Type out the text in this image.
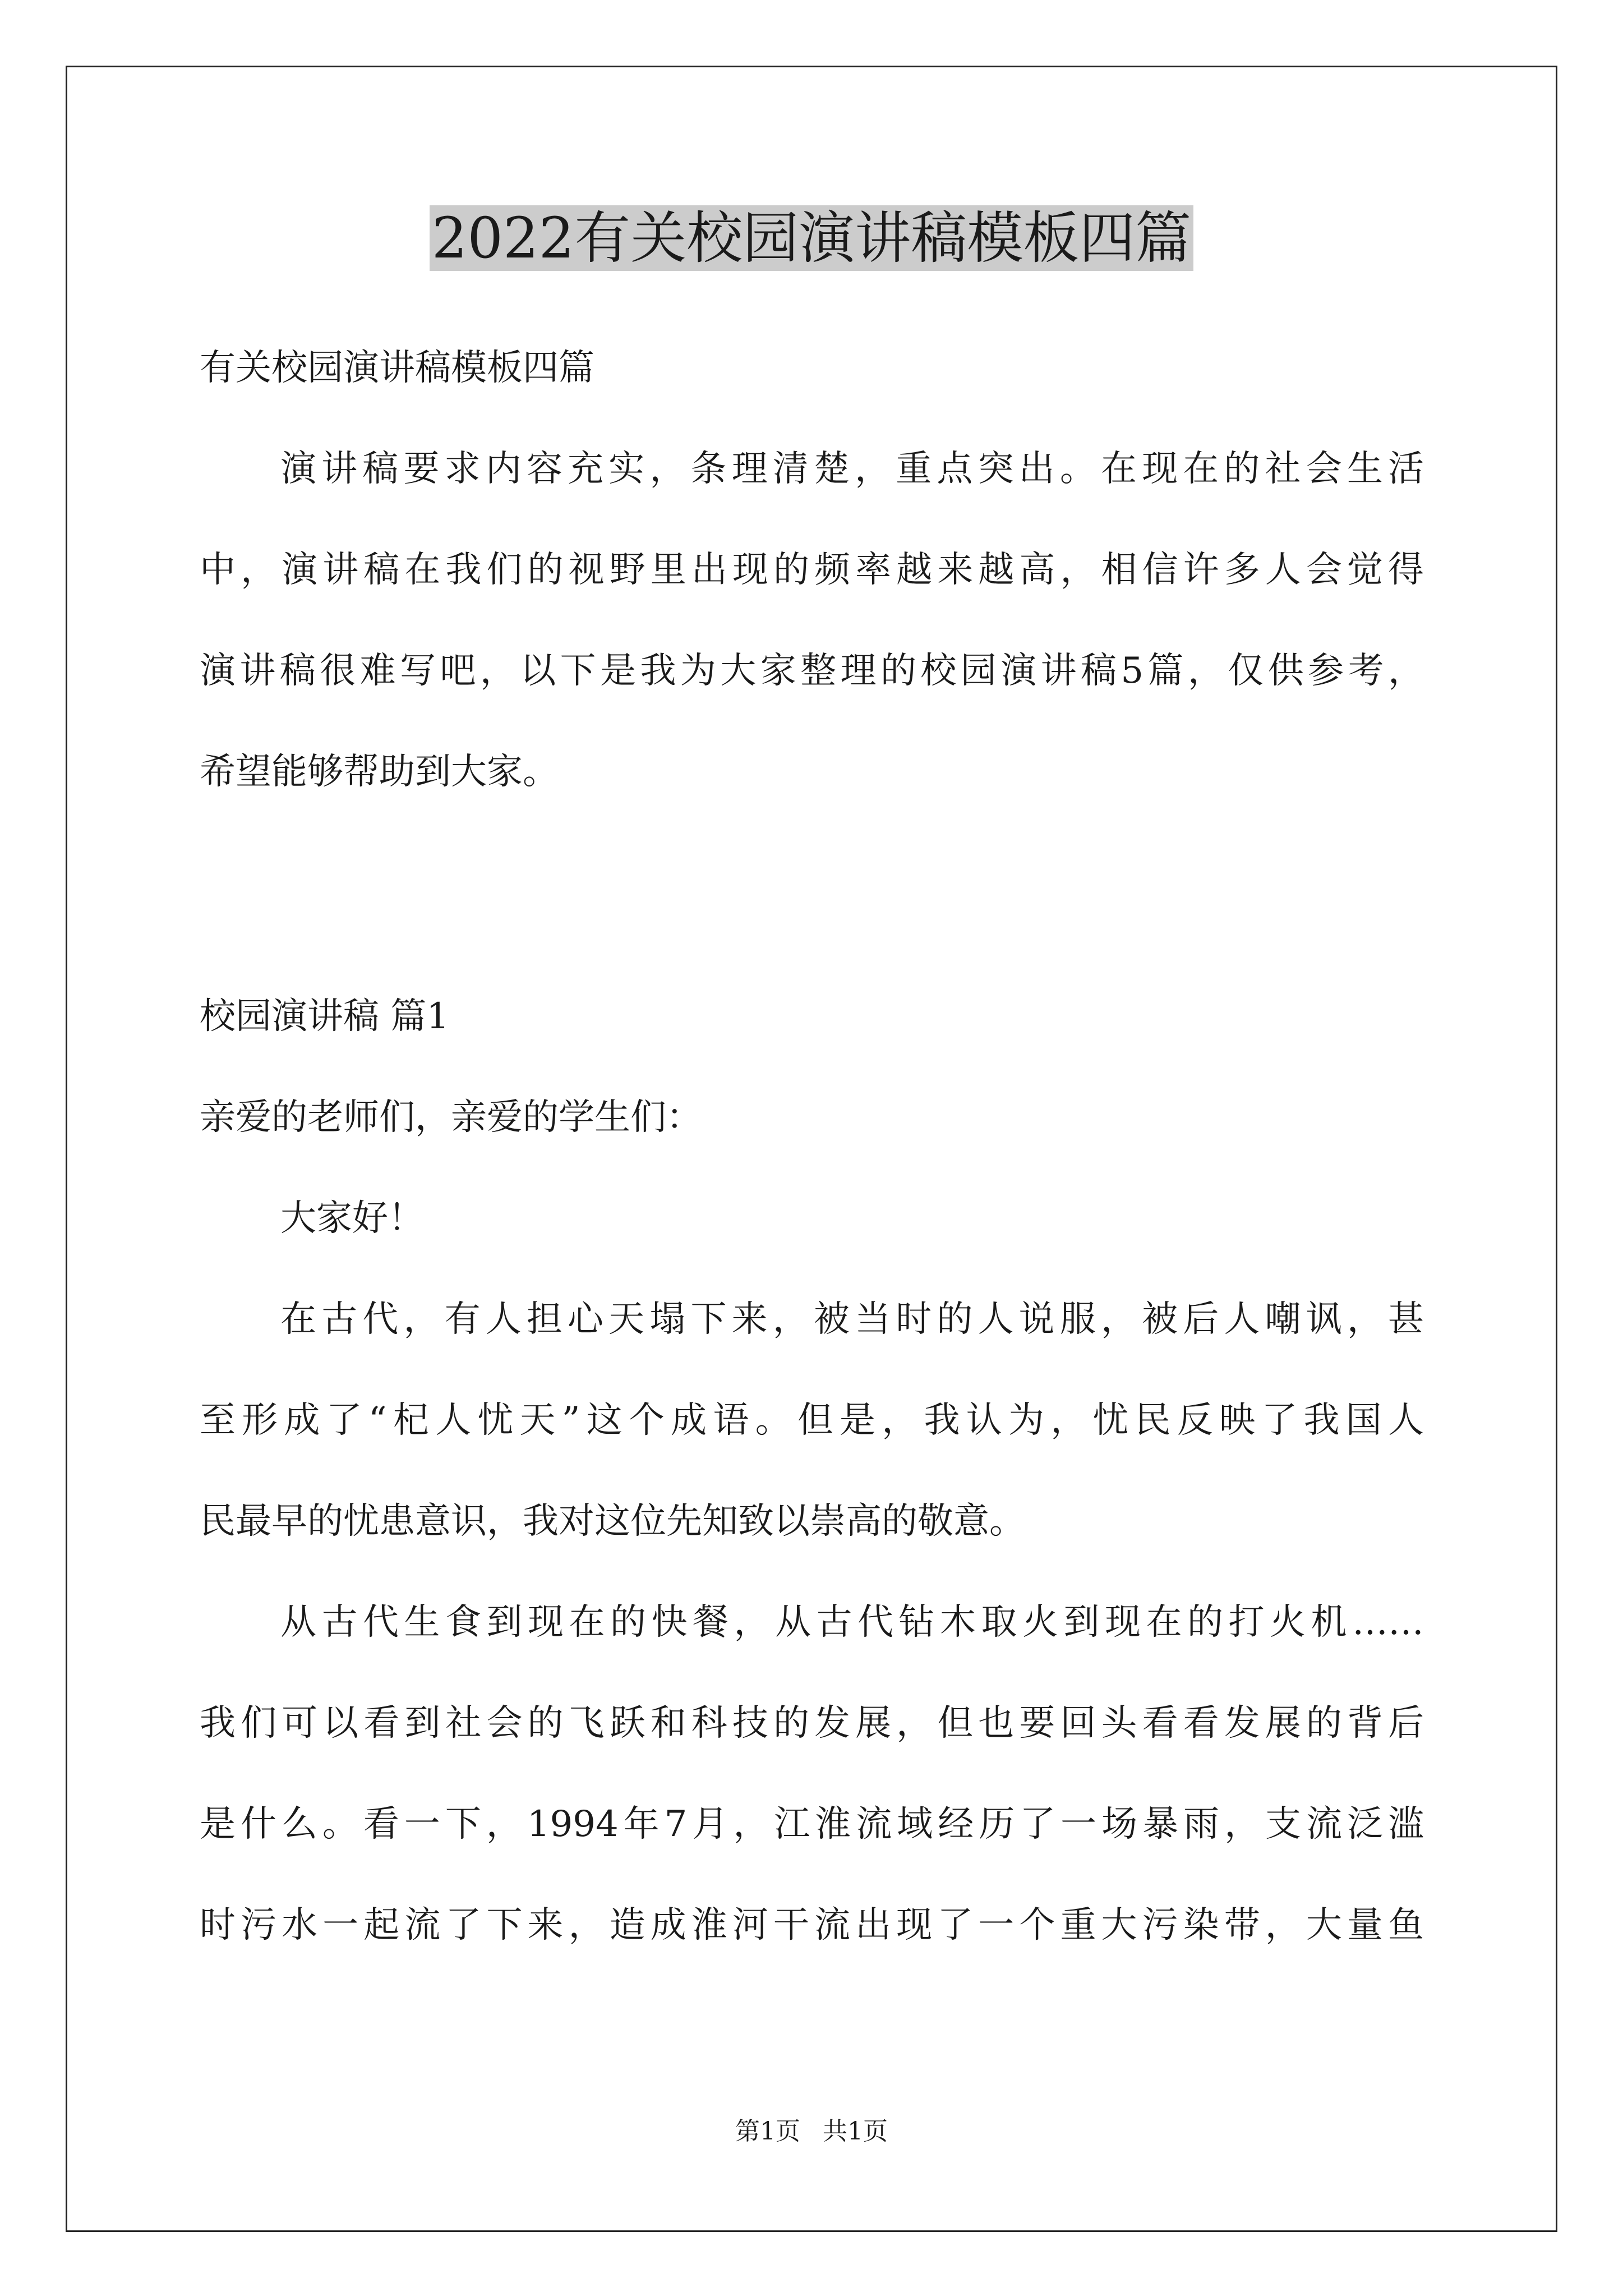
2022有关校园演讲稿模板四篇
有关校园演讲稿模板四篇
演讲稿要求内容充实，条理清楚，重点突出。在现在的社会生活
中，演讲稿在我们的视野里出现的频率越来越高，相信许多人会觉得
演讲稿很难写吧，以下是我为大家整理的校园演讲稿5篇，仅供参考，
希望能够帮助到大家。
校园演讲稿 篇1
亲爱的老师们，亲爱的学生们：
大家好！
在古代，有人担心天塌下来，被当时的人说服，被后人嘲讽，甚
至形成了“杞人忧天”这个成语。但是，我认为，忧民反映了我国人
民最早的忧患意识，我对这位先知致以崇高的敬意。
从古代生食到现在的快餐，从古代钻木取火到现在的打火机……
我们可以看到社会的飞跃和科技的发展，但也要回头看看发展的背后
是什么。看一下，1994年7月，江淮流域经历了一场暴雨，支流泛滥
时污水一起流了下来，造成淮河干流出现了一个重大污染带，大量鱼
第1页 共1页
